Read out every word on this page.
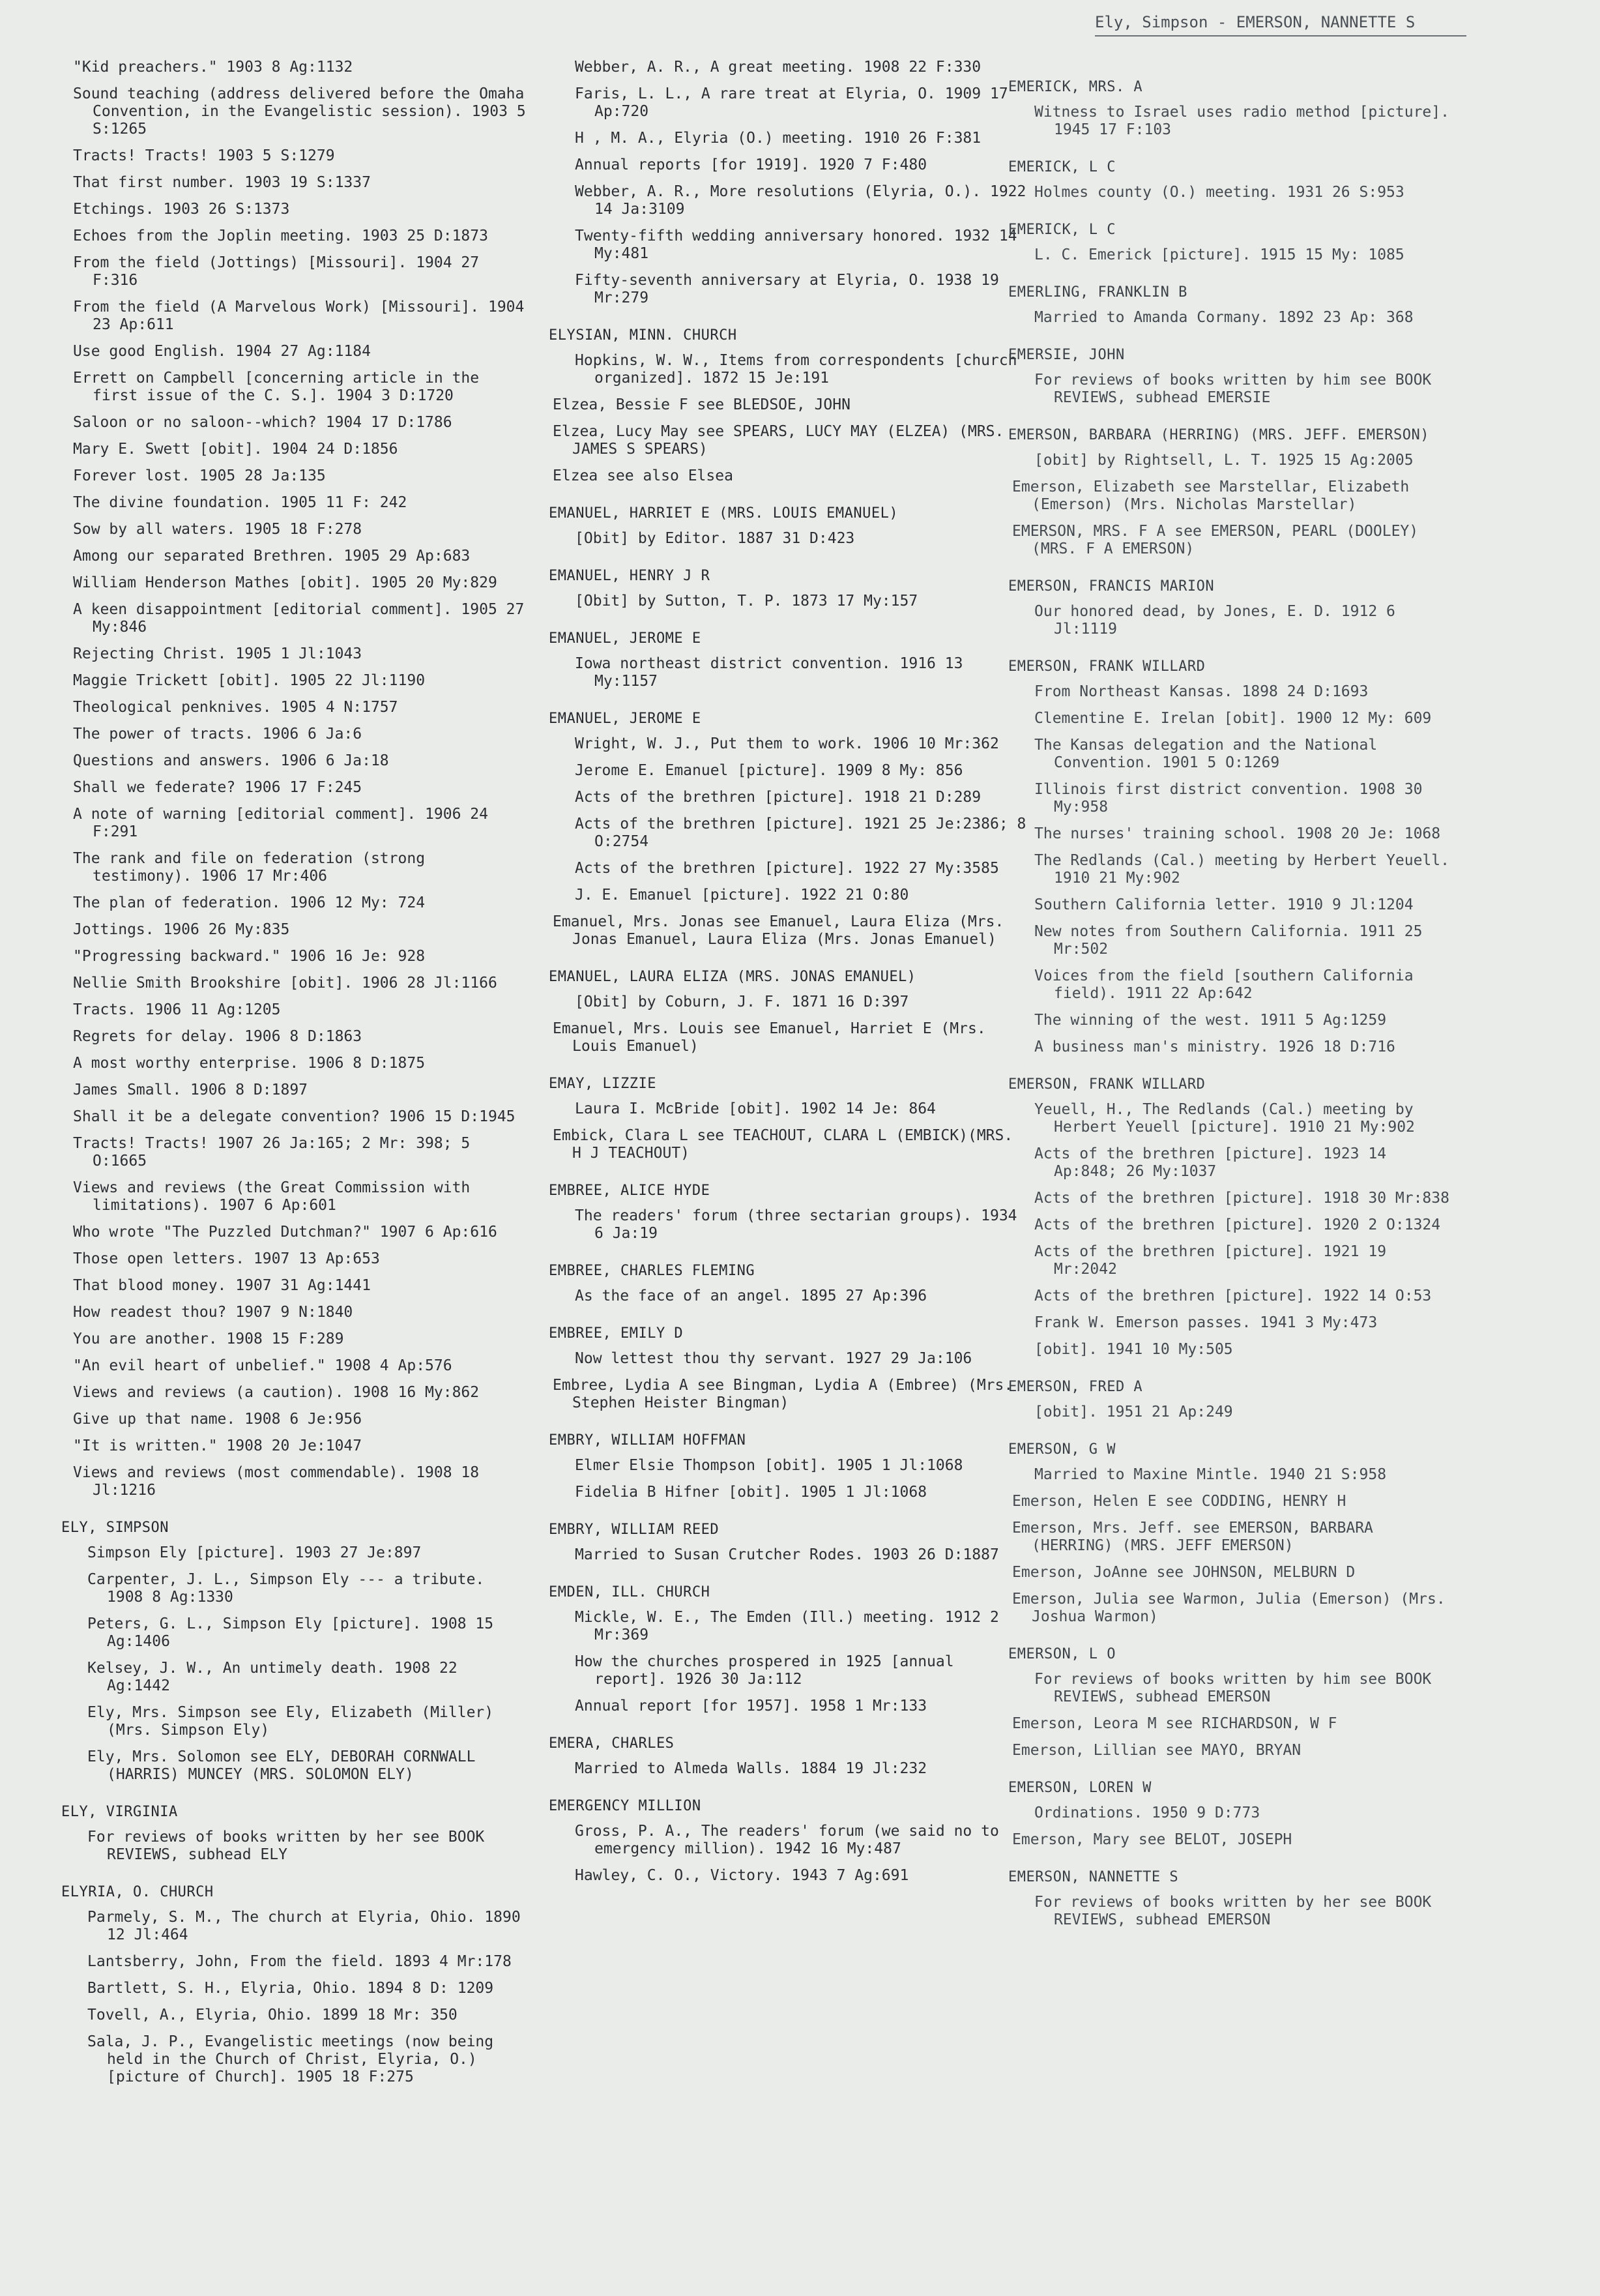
Ely, Simpson - EMERSON, NANNETTE S
"Kid preachers." 1903 8 Ag:1132
Sound teaching (address delivered before the Omaha Convention, in the Evangelistic session). 1903 5 S:1265
Tracts! Tracts! 1903 5 S:1279
That first number. 1903 19 S:1337
Etchings. 1903 26 S:1373
Echoes from the Joplin meeting. 1903 25 D:1873
From the field (Jottings) [Missouri]. 1904 27 F:316
From the field (A Marvelous Work) [Missouri]. 1904 23 Ap:611
Use good English. 1904 27 Ag:1184
Errett on Campbell [concerning article in the first issue of the C. S.]. 1904 3 D:1720
Saloon or no saloon--which? 1904 17 D:1786
Mary E. Swett [obit]. 1904 24 D:1856
Forever lost. 1905 28 Ja:135
The divine foundation. 1905 11 F: 242
Sow by all waters. 1905 18 F:278
Among our separated Brethren. 1905 29 Ap:683
William Henderson Mathes [obit]. 1905 20 My:829
A keen disappointment [editorial comment]. 1905 27 My:846
Rejecting Christ. 1905 1 Jl:1043
Maggie Trickett [obit]. 1905 22 Jl:1190
Theological penknives. 1905 4 N:1757
The power of tracts. 1906 6 Ja:6
Questions and answers. 1906 6 Ja:18
Shall we federate? 1906 17 F:245
A note of warning [editorial comment]. 1906 24 F:291
The rank and file on federation (strong testimony). 1906 17 Mr:406
The plan of federation. 1906 12 My: 724
Jottings. 1906 26 My:835
"Progressing backward." 1906 16 Je: 928
Nellie Smith Brookshire [obit]. 1906 28 Jl:1166
Tracts. 1906 11 Ag:1205
Regrets for delay. 1906 8 D:1863
A most worthy enterprise. 1906 8 D:1875
James Small. 1906 8 D:1897
Shall it be a delegate convention? 1906 15 D:1945
Tracts! Tracts! 1907 26 Ja:165; 2 Mr: 398; 5 O:1665
Views and reviews (the Great Commission with limitations). 1907 6 Ap:601
Who wrote "The Puzzled Dutchman?" 1907 6 Ap:616
Those open letters. 1907 13 Ap:653
That blood money. 1907 31 Ag:1441
How readest thou? 1907 9 N:1840
You are another. 1908 15 F:289
"An evil heart of unbelief." 1908 4 Ap:576
Views and reviews (a caution). 1908 16 My:862
Give up that name. 1908 6 Je:956
"It is written." 1908 20 Je:1047
Views and reviews (most commendable). 1908 18 Jl:1216
ELY, SIMPSON
Simpson Ely [picture]. 1903 27 Je:897
Carpenter, J. L., Simpson Ely --- a tribute. 1908 8 Ag:1330
Peters, G. L., Simpson Ely [picture]. 1908 15 Ag:1406
Kelsey, J. W., An untimely death. 1908 22 Ag:1442
Ely, Mrs. Simpson see Ely, Elizabeth (Miller) (Mrs. Simpson Ely)
Ely, Mrs. Solomon see ELY, DEBORAH CORNWALL (HARRIS) MUNCEY (MRS. SOLOMON ELY)
ELY, VIRGINIA
For reviews of books written by her see BOOK REVIEWS, subhead ELY
ELYRIA, O. CHURCH
Parmely, S. M., The church at Elyria, Ohio. 1890 12 Jl:464
Lantsberry, John, From the field. 1893 4 Mr:178
Bartlett, S. H., Elyria, Ohio. 1894 8 D: 1209
Tovell, A., Elyria, Ohio. 1899 18 Mr: 350
Sala, J. P., Evangelistic meetings (now being held in the Church of Christ, Elyria, O.) [picture of Church]. 1905 18 F:275
Webber, A. R., A great meeting. 1908 22 F:330
Faris, L. L., A rare treat at Elyria, O. 1909 17 Ap:720
H , M. A., Elyria (O.) meeting. 1910 26 F:381
Annual reports [for 1919]. 1920 7 F:480
Webber, A. R., More resolutions (Elyria, O.). 1922 14 Ja:3109
Twenty-fifth wedding anniversary honored. 1932 14 My:481
Fifty-seventh anniversary at Elyria, O. 1938 19 Mr:279
ELYSIAN, MINN. CHURCH
Hopkins, W. W., Items from correspondents [church organized]. 1872 15 Je:191
Elzea, Bessie F see BLEDSOE, JOHN
Elzea, Lucy May see SPEARS, LUCY MAY (ELZEA) (MRS. JAMES S SPEARS)
Elzea see also Elsea
EMANUEL, HARRIET E (MRS. LOUIS EMANUEL)
[Obit] by Editor. 1887 31 D:423
EMANUEL, HENRY J R
[Obit] by Sutton, T. P. 1873 17 My:157
EMANUEL, JEROME E
Iowa northeast district convention. 1916 13 My:1157
EMANUEL, JEROME E
Wright, W. J., Put them to work. 1906 10 Mr:362
Jerome E. Emanuel [picture]. 1909 8 My: 856
Acts of the brethren [picture]. 1918 21 D:289
Acts of the brethren [picture]. 1921 25 Je:2386; 8 O:2754
Acts of the brethren [picture]. 1922 27 My:3585
J. E. Emanuel [picture]. 1922 21 O:80
Emanuel, Mrs. Jonas see Emanuel, Laura Eliza (Mrs. Jonas Emanuel, Laura Eliza (Mrs. Jonas Emanuel)
EMANUEL, LAURA ELIZA (MRS. JONAS EMANUEL)
[Obit] by Coburn, J. F. 1871 16 D:397
Emanuel, Mrs. Louis see Emanuel, Harriet E (Mrs. Louis Emanuel)
EMAY, LIZZIE
Laura I. McBride [obit]. 1902 14 Je: 864
Embick, Clara L see TEACHOUT, CLARA L (EMBICK)(MRS. H J TEACHOUT)
EMBREE, ALICE HYDE
The readers' forum (three sectarian groups). 1934 6 Ja:19
EMBREE, CHARLES FLEMING
As the face of an angel. 1895 27 Ap:396
EMBREE, EMILY D
Now lettest thou thy servant. 1927 29 Ja:106
Embree, Lydia A see Bingman, Lydia A (Embree) (Mrs. Stephen Heister Bingman)
EMBRY, WILLIAM HOFFMAN
Elmer Elsie Thompson [obit]. 1905 1 Jl:1068
Fidelia B Hifner [obit]. 1905 1 Jl:1068
EMBRY, WILLIAM REED
Married to Susan Crutcher Rodes. 1903 26 D:1887
EMDEN, ILL. CHURCH
Mickle, W. E., The Emden (Ill.) meeting. 1912 2 Mr:369
How the churches prospered in 1925 [annual report]. 1926 30 Ja:112
Annual report [for 1957]. 1958 1 Mr:133
EMERA, CHARLES
Married to Almeda Walls. 1884 19 Jl:232
EMERGENCY MILLION
Gross, P. A., The readers' forum (we said no to emergency million). 1942 16 My:487
Hawley, C. O., Victory. 1943 7 Ag:691
EMERICK, MRS. A
Witness to Israel uses radio method [picture]. 1945 17 F:103
EMERICK, L C
Holmes county (O.) meeting. 1931 26 S:953
EMERICK, L C
L. C. Emerick [picture]. 1915 15 My: 1085
EMERLING, FRANKLIN B
Married to Amanda Cormany. 1892 23 Ap: 368
EMERSIE, JOHN
For reviews of books written by him see BOOK REVIEWS, subhead EMERSIE
EMERSON, BARBARA (HERRING) (MRS. JEFF. EMERSON)
[obit] by Rightsell, L. T. 1925 15 Ag:2005
Emerson, Elizabeth see Marstellar, Elizabeth (Emerson) (Mrs. Nicholas Marstellar)
EMERSON, MRS. F A see EMERSON, PEARL (DOOLEY) (MRS. F A EMERSON)
EMERSON, FRANCIS MARION
Our honored dead, by Jones, E. D. 1912 6 Jl:1119
EMERSON, FRANK WILLARD
From Northeast Kansas. 1898 24 D:1693
Clementine E. Irelan [obit]. 1900 12 My: 609
The Kansas delegation and the National Convention. 1901 5 O:1269
Illinois first district convention. 1908 30 My:958
The nurses' training school. 1908 20 Je: 1068
The Redlands (Cal.) meeting by Herbert Yeuell. 1910 21 My:902
Southern California letter. 1910 9 Jl:1204
New notes from Southern California. 1911 25 Mr:502
Voices from the field [southern California field). 1911 22 Ap:642
The winning of the west. 1911 5 Ag:1259
A business man's ministry. 1926 18 D:716
EMERSON, FRANK WILLARD
Yeuell, H., The Redlands (Cal.) meeting by Herbert Yeuell [picture]. 1910 21 My:902
Acts of the brethren [picture]. 1923 14 Ap:848; 26 My:1037
Acts of the brethren [picture]. 1918 30 Mr:838
Acts of the brethren [picture]. 1920 2 O:1324
Acts of the brethren [picture]. 1921 19 Mr:2042
Acts of the brethren [picture]. 1922 14 O:53
Frank W. Emerson passes. 1941 3 My:473
[obit]. 1941 10 My:505
EMERSON, FRED A
[obit]. 1951 21 Ap:249
EMERSON, G W
Married to Maxine Mintle. 1940 21 S:958
Emerson, Helen E see CODDING, HENRY H
Emerson, Mrs. Jeff. see EMERSON, BARBARA (HERRING) (MRS. JEFF EMERSON)
Emerson, JoAnne see JOHNSON, MELBURN D
Emerson, Julia see Warmon, Julia (Emerson) (Mrs. Joshua Warmon)
EMERSON, L O
For reviews of books written by him see BOOK REVIEWS, subhead EMERSON
Emerson, Leora M see RICHARDSON, W F
Emerson, Lillian see MAYO, BRYAN
EMERSON, LOREN W
Ordinations. 1950 9 D:773
Emerson, Mary see BELOT, JOSEPH
EMERSON, NANNETTE S
For reviews of books written by her see BOOK REVIEWS, subhead EMERSON
